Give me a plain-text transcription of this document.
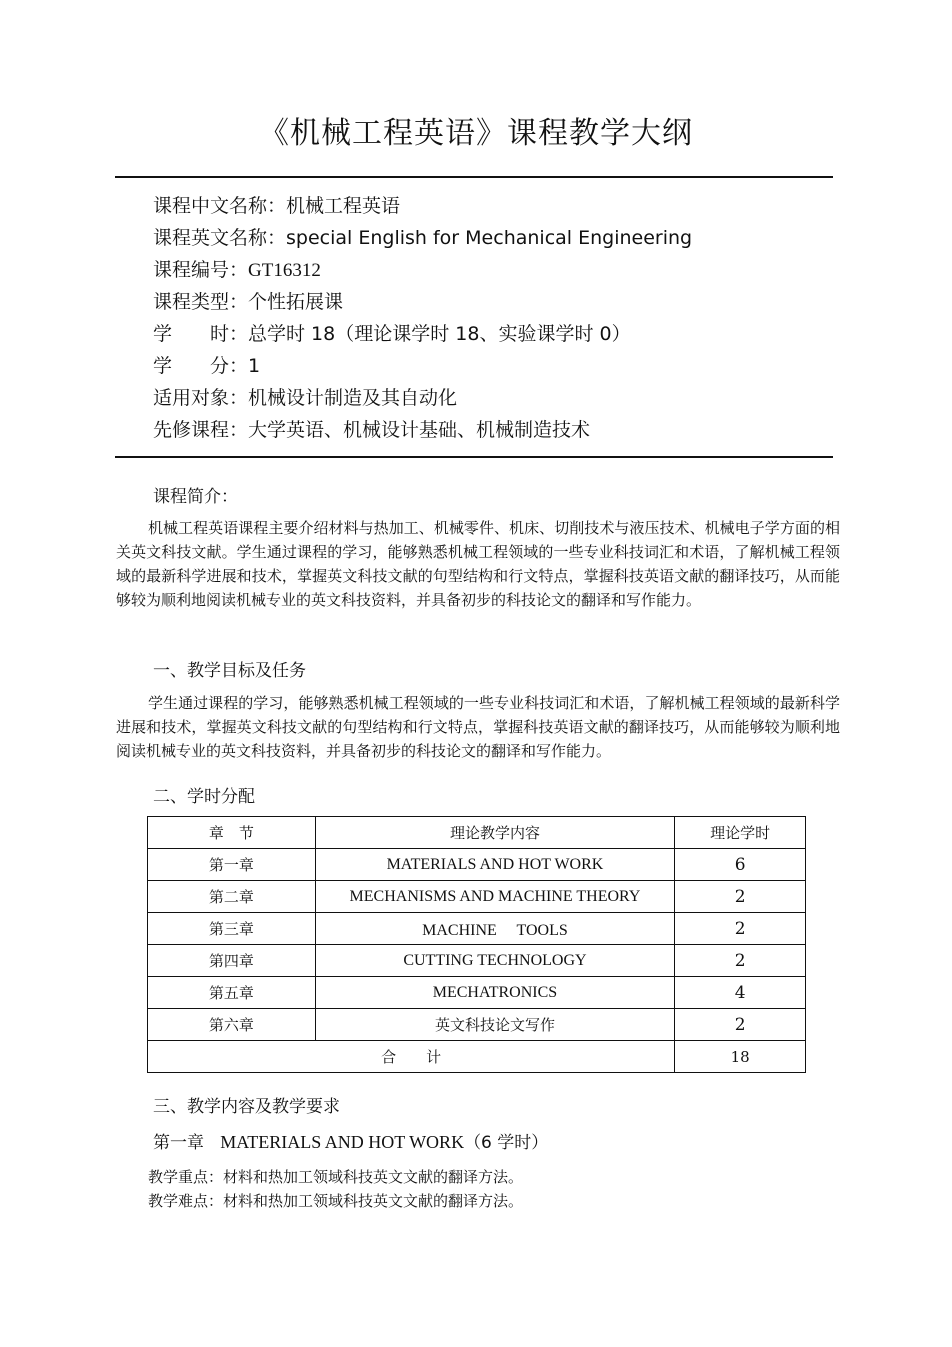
《机械工程英语》课程教学大纲
课程中文名称：机械工程英语
课程英文名称：special English for Mechanical Engineering
课程编号：GT16312
课程类型：个性拓展课
学　　时：总学时 18（理论课学时 18、实验课学时 0）
学　　分：1
适用对象：机械设计制造及其自动化
先修课程：大学英语、机械设计基础、机械制造技术
课程简介：

机械工程英语课程主要介绍材料与热加工、机械零件、机床、切削技术与液压技术、机械电子学方面的相关英文科技文献。学生通过课程的学习，能够熟悉机械工程领域的一些专业科技词汇和术语，了解机械工程领域的最新科学进展和技术，掌握英文科技文献的句型结构和行文特点，掌握科技英语文献的翻译技巧，从而能够较为顺利地阅读机械专业的英文科技资料，并具备初步的科技论文的翻译和写作能力。

一、教学目标及任务

学生通过课程的学习，能够熟悉机械工程领域的一些专业科技词汇和术语，了解机械工程领域的最新科学进展和技术，掌握英文科技文献的句型结构和行文特点，掌握科技英语文献的翻译技巧，从而能够较为顺利地阅读机械专业的英文科技资料，并具备初步的科技论文的翻译和写作能力。

二、学时分配
章　节	理论教学内容	理论学时
第一章	MATERIALS AND HOT WORK	6
第二章	MECHANISMS AND MACHINE THEORY	2
第三章	MACHINE　 TOOLS	2
第四章	CUTTING TECHNOLOGY	2
第五章	MECHATRONICS	4
第六章	英文科技论文写作	2
合　　计		18
三、教学内容及教学要求
第一章 MATERIALS AND HOT WORK（6 学时）
教学重点：材料和热加工领域科技英文文献的翻译方法。
教学难点：材料和热加工领域科技英文文献的翻译方法。
